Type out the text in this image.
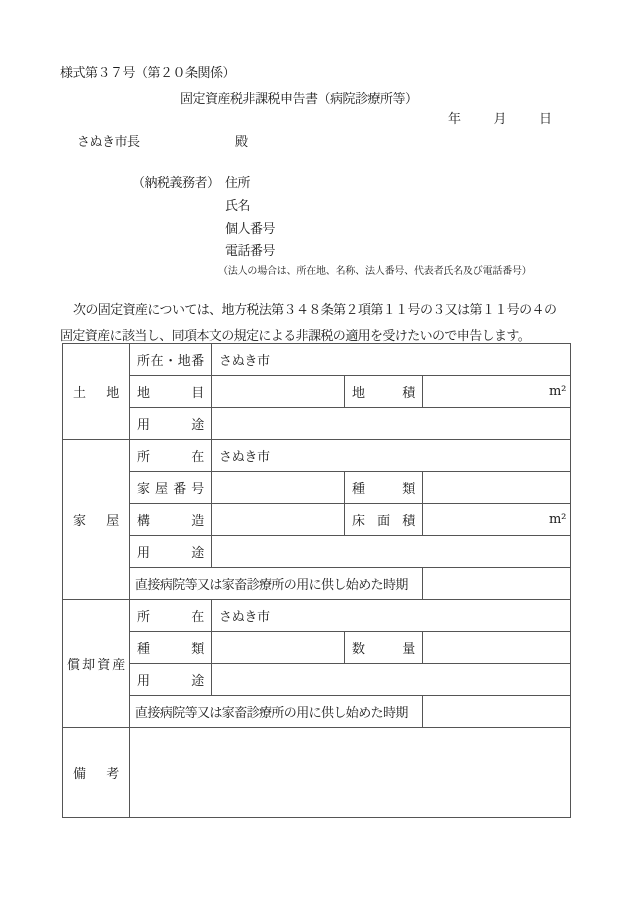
様式第３７号（第２０条関係）
固定資産税非課税申告書（病院診療所等）
年	月	日
さぬき市長	殿
（納税義務者） 住所
氏名
個人番号
電話番号
（法人の場合は、所在地、名称、法人番号、代表者氏名及び電話番号）
次の固定資産については、地方税法第３４８条第２項第１１号の３又は第１１号の４の
固定資産に該当し、同項本文の規定による非課税の適用を受けたいので申告します。
土地	所在・地番	さぬき市		
	地目		地積	m²
	用途			
家屋	所在	さぬき市		
	家屋番号		種類	
	構造		床面積	m²
	用途			
	直接病院等又は家畜診療所の用に供し始めた時期			
償却資産	所在	さぬき市		
	種類		数量	
	用途			
	直接病院等又は家畜診療所の用に供し始めた時期			
備考				
